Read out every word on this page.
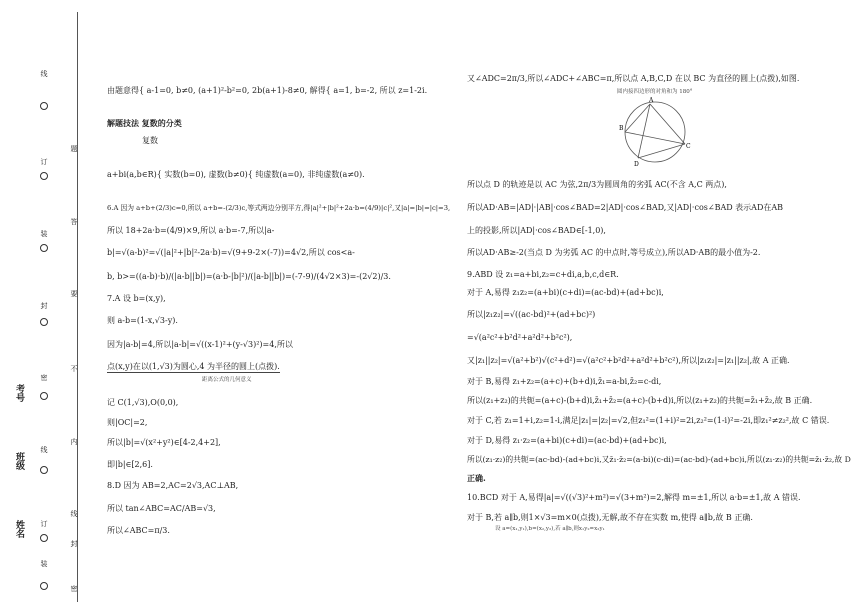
线
订
装
封
密
线
订
装
题
答
要
不
内
线
封
密
考号
班级
姓名
由题意得{ a-1=0, b≠0, (a+1)²-b²=0, 2b(a+1)-8≠0, 解得{ a=1, b=-2, 所以 z=1-2i.
解题技法 复数的分类
复数
a+bi(a,b∈R){ 实数(b=0), 虚数(b≠0){ 纯虚数(a=0), 非纯虚数(a≠0).
6.A 因为 a+b+(2/3)c=0,所以 a+b=-(2/3)c,等式两边分别平方,得|a|²+|b|²+2a·b=(4/9)|c|²,又|a|=|b|=|c|=3,
所以 18+2a·b=(4/9)×9,所以 a·b=-7,所以|a-
b|=√(a-b)²=√(|a|²+|b|²-2a·b)=√(9+9-2×(-7))=4√2,所以 cos<a-
b, b>=((a-b)·b)/(|a-b||b|)=(a·b-|b|²)/(|a-b||b|)=(-7-9)/(4√2×3)=-(2√2)/3.
7.A 设 b=(x,y),
则 a-b=(1-x,√3-y).
因为|a-b|=4,所以|a-b|=√((x-1)²+(y-√3)²)=4,所以
点(x,y)在以(1,√3)为圆心,4 为半径的圆上(点拨).
距离公式的几何意义
记 C(1,√3),O(0,0),
则|OC|=2,
所以|b|=√(x²+y²)∈[4-2,4+2],
即|b|∈[2,6].
8.D 因为 AB=2,AC=2√3,AC⊥AB,
所以 tan∠ABC=AC/AB=√3,
所以∠ABC=π/3.
又∠ADC=2π/3,所以∠ADC+∠ABC=π,所以点 A,B,C,D 在以 BC 为直径的圆上(点拨),如图.
圆内接四边形的对角和为 180°
所以点 D 的轨迹是以 AC 为弦,2π/3为圆周角的劣弧 AC(不含 A,C 两点),
所以AD·AB=|AD|·|AB|·cos∠BAD=2|AD|·cos∠BAD,又|AD|·cos∠BAD 表示AD在AB
上的投影,所以|AD|·cos∠BAD∈[-1,0),
所以AD·AB≥-2(当点 D 为劣弧 AC 的中点时,等号成立),所以AD·AB的最小值为-2.
9.ABD 设 z₁=a+bi,z₂=c+di,a,b,c,d∈R.
对于 A,易得 z₁z₂=(a+bi)(c+di)=(ac-bd)+(ad+bc)i,
所以|z₁z₂|=√((ac-bd)²+(ad+bc)²)
=√(a²c²+b²d²+a²d²+b²c²),
又|z₁||z₂|=√(a²+b²)√(c²+d²)=√(a²c²+b²d²+a²d²+b²c²),所以|z₁z₂|=|z₁||z₂|,故 A 正确.
对于 B,易得 z₁+z₂=(a+c)+(b+d)i,z̄₁=a-bi,z̄₂=c-di,
所以(z₁+z₂)的共轭=(a+c)-(b+d)i,z̄₁+z̄₂=(a+c)-(b+d)i,所以(z₁+z₂)的共轭=z̄₁+z̄₂,故 B 正确.
对于 C,若 z₁=1+i,z₂=1-i,满足|z₁|=|z₂|=√2,但z₁²=(1+i)²=2i,z₂²=(1-i)²=-2i,即z₁²≠z₂²,故 C 错误.
对于 D,易得 z₁·z₂=(a+bi)(c+di)=(ac-bd)+(ad+bc)i,
所以(z₁·z₂)的共轭=(ac-bd)-(ad+bc)i,又z̄₁·z̄₂=(a-bi)(c-di)=(ac-bd)-(ad+bc)i,所以(z₁·z₂)的共轭=z̄₁·z̄₂,故 D
正确.
10.BCD 对于 A,易得|a|=√((√3)²+m²)=√(3+m²)=2,解得 m=±1,所以 a·b=±1,故 A 错误.
对于 B,若 a∥b,则1×√3=m×0(点拨),无解,故不存在实数 m,使得 a∥b,故 B 正确.
设 a=(x₁,y₁),b=(x₂,y₂),若 a∥b,则x₁y₂=x₂y₁
B
A
C
D
